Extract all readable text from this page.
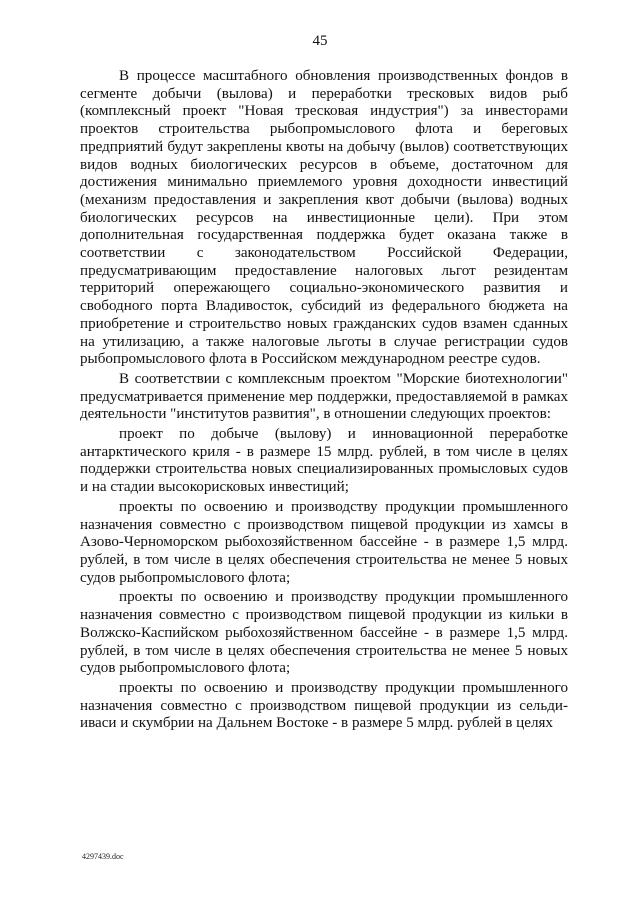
45

В процессе масштабного обновления производственных фондов в сегменте добычи (вылова) и переработки тресковых видов рыб (комплексный проект "Новая тресковая индустрия") за инвесторами проектов строительства рыбопромыслового флота и береговых предприятий будут закреплены квоты на добычу (вылов) соответствующих видов водных биологических ресурсов в объеме, достаточном для достижения минимально приемлемого уровня доходности инвестиций (механизм предоставления и закрепления квот добычи (вылова) водных биологических ресурсов на инвестиционные цели). При этом дополнительная государственная поддержка будет оказана также в соответствии с законодательством Российской Федерации, предусматривающим предоставление налоговых льгот резидентам территорий опережающего социально-экономического развития и свободного порта Владивосток, субсидий из федерального бюджета на приобретение и строительство новых гражданских судов взамен сданных на утилизацию, а также налоговые льготы в случае регистрации судов рыбопромыслового флота в Российском международном реестре судов.

В соответствии с комплексным проектом "Морские биотехнологии" предусматривается применение мер поддержки, предоставляемой в рамках деятельности "институтов развития", в отношении следующих проектов:

проект по добыче (вылову) и инновационной переработке антарктического криля - в размере 15 млрд. рублей, в том числе в целях поддержки строительства новых специализированных промысловых судов и на стадии высокорисковых инвестиций;

проекты по освоению и производству продукции промышленного назначения совместно с производством пищевой продукции из хамсы в Азово-Черноморском рыбохозяйственном бассейне - в размере 1,5 млрд. рублей, в том числе в целях обеспечения строительства не менее 5 новых судов рыбопромыслового флота;

проекты по освоению и производству продукции промышленного назначения совместно с производством пищевой продукции из кильки в Волжско-Каспийском рыбохозяйственном бассейне - в размере 1,5 млрд. рублей, в том числе в целях обеспечения строительства не менее 5 новых судов рыбопромыслового флота;

проекты по освоению и производству продукции промышленного назначения совместно с производством пищевой продукции из сельди-иваси и скумбрии на Дальнем Востоке - в размере 5 млрд. рублей в целях

4297439.doc
